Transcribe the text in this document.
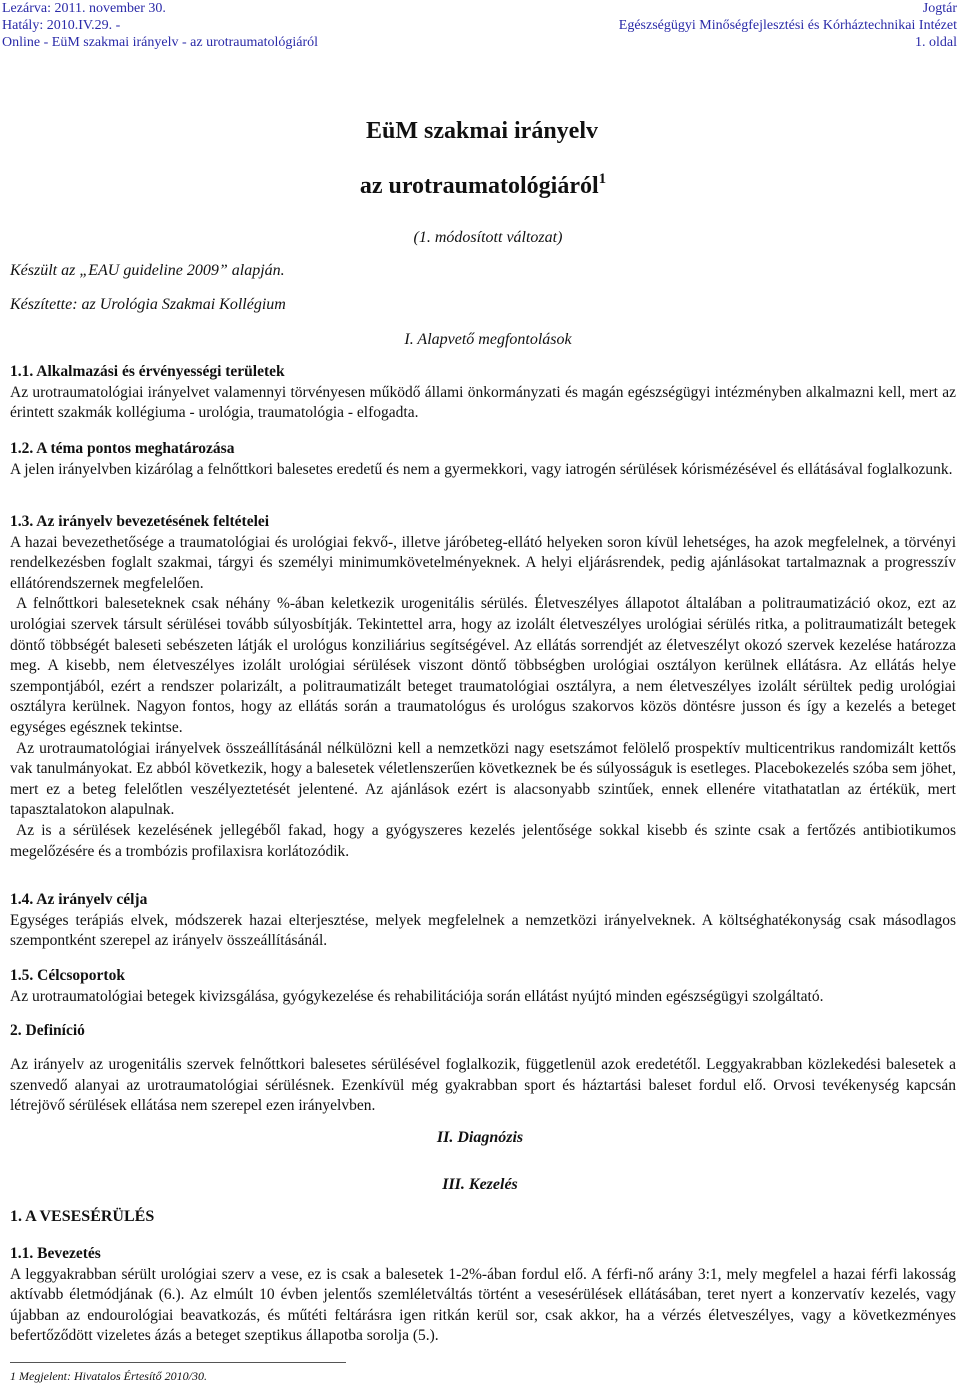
Lezárva: 2011. november 30.
Hatály: 2010.IV.29. -
Online - EüM szakmai irányelv - az urotraumatológiáról
Jogtár
Egészségügyi Minőségfejlesztési és Kórháztechnikai Intézet
1. oldal
EüM szakmai irányelv
az urotraumatológiáról$^1$
(1. módosított változat)
Készült az „EAU guideline 2009” alapján.
Készítette: az Urológia Szakmai Kollégium
I. Alapvető megfontolások
1.1. Alkalmazási és érvényességi területek

Az urotraumatológiai irányelvet valamennyi törvényesen működő állami önkormányzati és magán egészségügyi intézményben alkalmazni kell, mert az érintett szakmák kollégiuma - urológia, traumatológia - elfogadta.

1.2. A téma pontos meghatározása

A jelen irányelvben kizárólag a felnőttkori balesetes eredetű és nem a gyermekkori, vagy iatrogén sérülések kórismézésével és ellátásával foglalkozunk.

1.3. Az irányelv bevezetésének feltételei

A hazai bevezethetősége a traumatológiai és urológiai fekvő-, illetve járóbeteg-ellátó helyeken soron kívül lehetséges, ha azok megfelelnek, a törvényi rendelkezésben foglalt szakmai, tárgyi és személyi minimumkövetelményeknek. A helyi eljárásrendek, pedig ajánlásokat tartalmaznak a progresszív ellátórendszernek megfelelően.

A felnőttkori baleseteknek csak néhány %-ában keletkezik urogenitális sérülés. Életveszélyes állapotot általában a politraumatizáció okoz, ezt az urológiai szervek társult sérülései tovább súlyosbítják. Tekintettel arra, hogy az izolált életveszélyes urológiai sérülés ritka, a politraumatizált betegek döntő többségét baleseti sebészeten látják el urológus konziliárius segítségével. Az ellátás sorrendjét az életveszélyt okozó szervek kezelése határozza meg. A kisebb, nem életveszélyes izolált urológiai sérülések viszont döntő többségben urológiai osztályon kerülnek ellátásra. Az ellátás helye szempontjából, ezért a rendszer polarizált, a politraumatizált beteget traumatológiai osztályra, a nem életveszélyes izolált sérültek pedig urológiai osztályra kerülnek. Nagyon fontos, hogy az ellátás során a traumatológus és urológus szakorvos közös döntésre jusson és így a kezelés a beteget egységes egésznek tekintse.

Az urotraumatológiai irányelvek összeállításánál nélkülözni kell a nemzetközi nagy esetszámot felölelő prospektív multicentrikus randomizált kettős vak tanulmányokat. Ez abból következik, hogy a balesetek véletlenszerűen következnek be és súlyosságuk is esetleges. Placebokezelés szóba sem jöhet, mert ez a beteg felelőtlen veszélyeztetését jelentené. Az ajánlások ezért is alacsonyabb szintűek, ennek ellenére vitathatatlan az értékük, mert tapasztalatokon alapulnak.

Az is a sérülések kezelésének jellegéből fakad, hogy a gyógyszeres kezelés jelentősége sokkal kisebb és szinte csak a fertőzés antibiotikumos megelőzésére és a trombózis profilaxisra korlátozódik.

1.4. Az irányelv célja

Egységes terápiás elvek, módszerek hazai elterjesztése, melyek megfelelnek a nemzetközi irányelveknek. A költséghatékonyság csak másodlagos szempontként szerepel az irányelv összeállításánál.

1.5. Célcsoportok

Az urotraumatológiai betegek kivizsgálása, gyógykezelése és rehabilitációja során ellátást nyújtó minden egészségügyi szolgáltató.

2. Definíció

Az irányelv az urogenitális szervek felnőttkori balesetes sérülésével foglalkozik, függetlenül azok eredetétől. Leggyakrabban közlekedési balesetek a szenvedő alanyai az urotraumatológiai sérülésnek. Ezenkívül még gyakrabban sport és háztartási baleset fordul elő. Orvosi tevékenység kapcsán létrejövő sérülések ellátása nem szerepel ezen irányelvben.

II. Diagnózis
III. Kezelés
1. A VESESÉRÜLÉS
1.1. Bevezetés

A leggyakrabban sérült urológiai szerv a vese, ez is csak a balesetek 1-2%-ában fordul elő. A férfi-nő arány 3:1, mely megfelel a hazai férfi lakosság aktívabb életmódjának (6.). Az elmúlt 10 évben jelentős szemléletváltás történt a vesesérülések ellátásában, teret nyert a konzervatív kezelés, vagy újabban az endourológiai beavatkozás, és műtéti feltárásra igen ritkán kerül sor, csak akkor, ha a vérzés életveszélyes, vagy a következményes befertőződött vizeletes ázás a beteget szeptikus állapotba sorolja (5.).

1 Megjelent: Hivatalos Értesítő 2010/30.
